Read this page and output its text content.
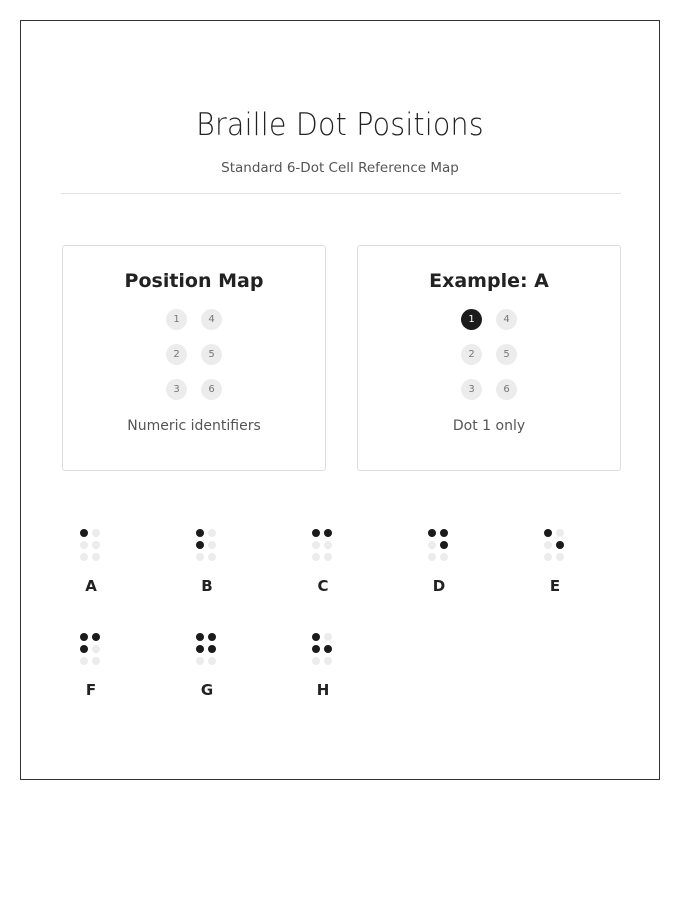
Braille Dot Positions
Standard 6-Dot Cell Reference Map
Position Map
1
2
3
4
5
6
Numeric identifiers
Example: A
1
2
3
4
5
6
Dot 1 only
A	B	C	D	E
F	G	H
